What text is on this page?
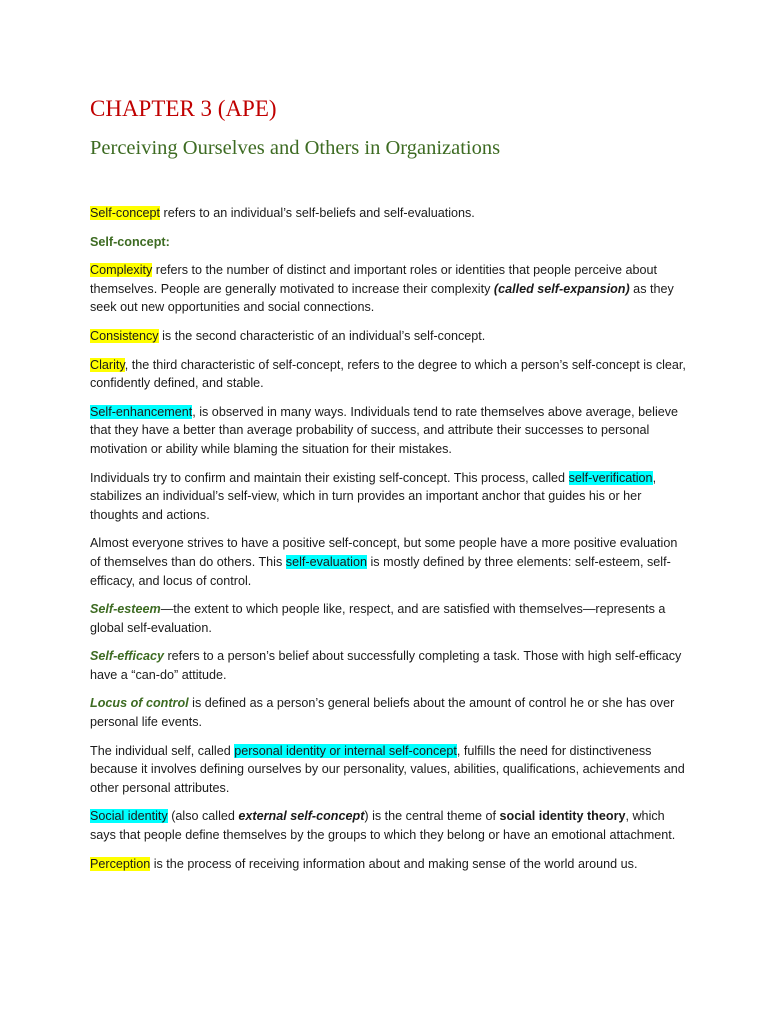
CHAPTER 3 (APE)
Perceiving Ourselves and Others in Organizations

Self-concept refers to an individual’s self-beliefs and self-evaluations.

Self-concept:

Complexity refers to the number of distinct and important roles or identities that people perceive about themselves. People are generally motivated to increase their complexity (called self-expansion) as they seek out new opportunities and social connections.

Consistency is the second characteristic of an individual’s self-concept.

Clarity, the third characteristic of self-concept, refers to the degree to which a person’s self-concept is clear, confidently defined, and stable.

Self-enhancement, is observed in many ways. Individuals tend to rate themselves above average, believe that they have a better than average probability of success, and attribute their successes to personal motivation or ability while blaming the situation for their mistakes.

Individuals try to confirm and maintain their existing self-concept. This process, called self-verification, stabilizes an individual’s self-view, which in turn provides an important anchor that guides his or her thoughts and actions.

Almost everyone strives to have a positive self-concept, but some people have a more positive evaluation of themselves than do others. This self-evaluation is mostly defined by three elements: self-esteem, self-efficacy, and locus of control.

Self-esteem—the extent to which people like, respect, and are satisfied with themselves—represents a global self-evaluation.

Self-efficacy refers to a person’s belief about successfully completing a task. Those with high self-efficacy have a “can-do” attitude.

Locus of control is defined as a person’s general beliefs about the amount of control he or she has over personal life events.

The individual self, called personal identity or internal self-concept, fulfills the need for distinctiveness because it involves defining ourselves by our personality, values, abilities, qualifications, achievements and other personal attributes.

Social identity (also called external self-concept) is the central theme of social identity theory, which says that people define themselves by the groups to which they belong or have an emotional attachment.

Perception is the process of receiving information about and making sense of the world around us.
